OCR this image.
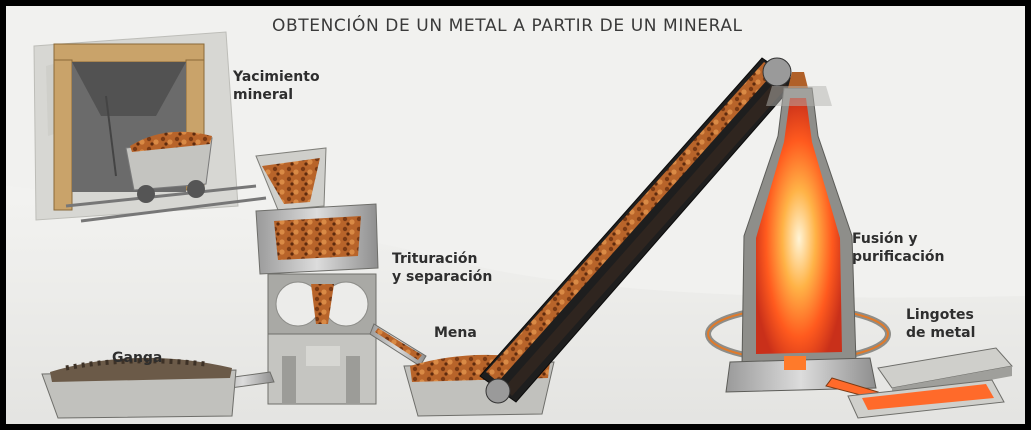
OBTENCIÓN DE UN METAL A PARTIR DE UN MINERAL
Yacimiento
mineral
Trituración
y separación
Ganga
Mena
Fusión y
purificación
Lingotes
de metal
